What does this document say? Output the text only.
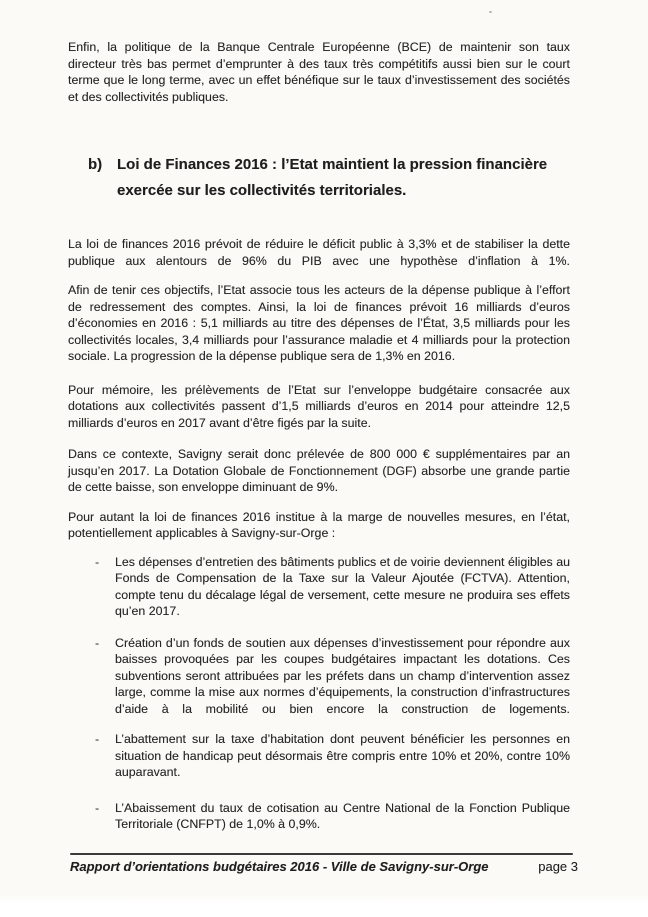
Enfin, la politique de la Banque Centrale Européenne (BCE) de maintenir son taux directeur très bas permet d’emprunter à des taux très compétitifs aussi bien sur le court terme que le long terme, avec un effet bénéfique sur le taux d’investissement des sociétés et des collectivités publiques.

b) Loi de Finances 2016 : l’Etat maintient la pression financière
exercée sur les collectivités territoriales.

La loi de finances 2016 prévoit de réduire le déficit public à 3,3% et de stabiliser la dette publique aux alentours de 96% du PIB avec une hypothèse d’inflation à 1%.

Afin de tenir ces objectifs, l’Etat associe tous les acteurs de la dépense publique à l’effort de redressement des comptes. Ainsi, la loi de finances prévoit 16 milliards d’euros d’économies en 2016 : 5,1 milliards au titre des dépenses de l’État, 3,5 milliards pour les collectivités locales, 3,4 milliards pour l’assurance maladie et 4 milliards pour la protection sociale. La progression de la dépense publique sera de 1,3% en 2016.

Pour mémoire, les prélèvements de l’Etat sur l’enveloppe budgétaire consacrée aux dotations aux collectivités passent d’1,5 milliards d’euros en 2014 pour atteindre 12,5 milliards d’euros en 2017 avant d’être figés par la suite.

Dans ce contexte, Savigny serait donc prélevée de 800 000 € supplémentaires par an jusqu’en 2017. La Dotation Globale de Fonctionnement (DGF) absorbe une grande partie de cette baisse, son enveloppe diminuant de 9%.

Pour autant la loi de finances 2016 institue à la marge de nouvelles mesures, en l’état, potentiellement applicables à Savigny-sur-Orge :

-	Les dépenses d’entretien des bâtiments publics et de voirie deviennent éligibles au Fonds de Compensation de la Taxe sur la Valeur Ajoutée (FCTVA). Attention, compte tenu du décalage légal de versement, cette mesure ne produira ses effets qu’en 2017.
-	Création d’un fonds de soutien aux dépenses d’investissement pour répondre aux baisses provoquées par les coupes budgétaires impactant les dotations. Ces subventions seront attribuées par les préfets dans un champ d’intervention assez large, comme la mise aux normes d’équipements, la construction d’infrastructures d’aide à la mobilité ou bien encore la construction de logements.
-	L’abattement sur la taxe d’habitation dont peuvent bénéficier les personnes en situation de handicap peut désormais être compris entre 10% et 20%, contre 10% auparavant.
-	L’Abaissement du taux de cotisation au Centre National de la Fonction Publique Territoriale (CNFPT) de 1,0% à 0,9%.
Rapport d’orientations budgétaires 2016 - Ville de Savigny-sur-Orge	page 3
